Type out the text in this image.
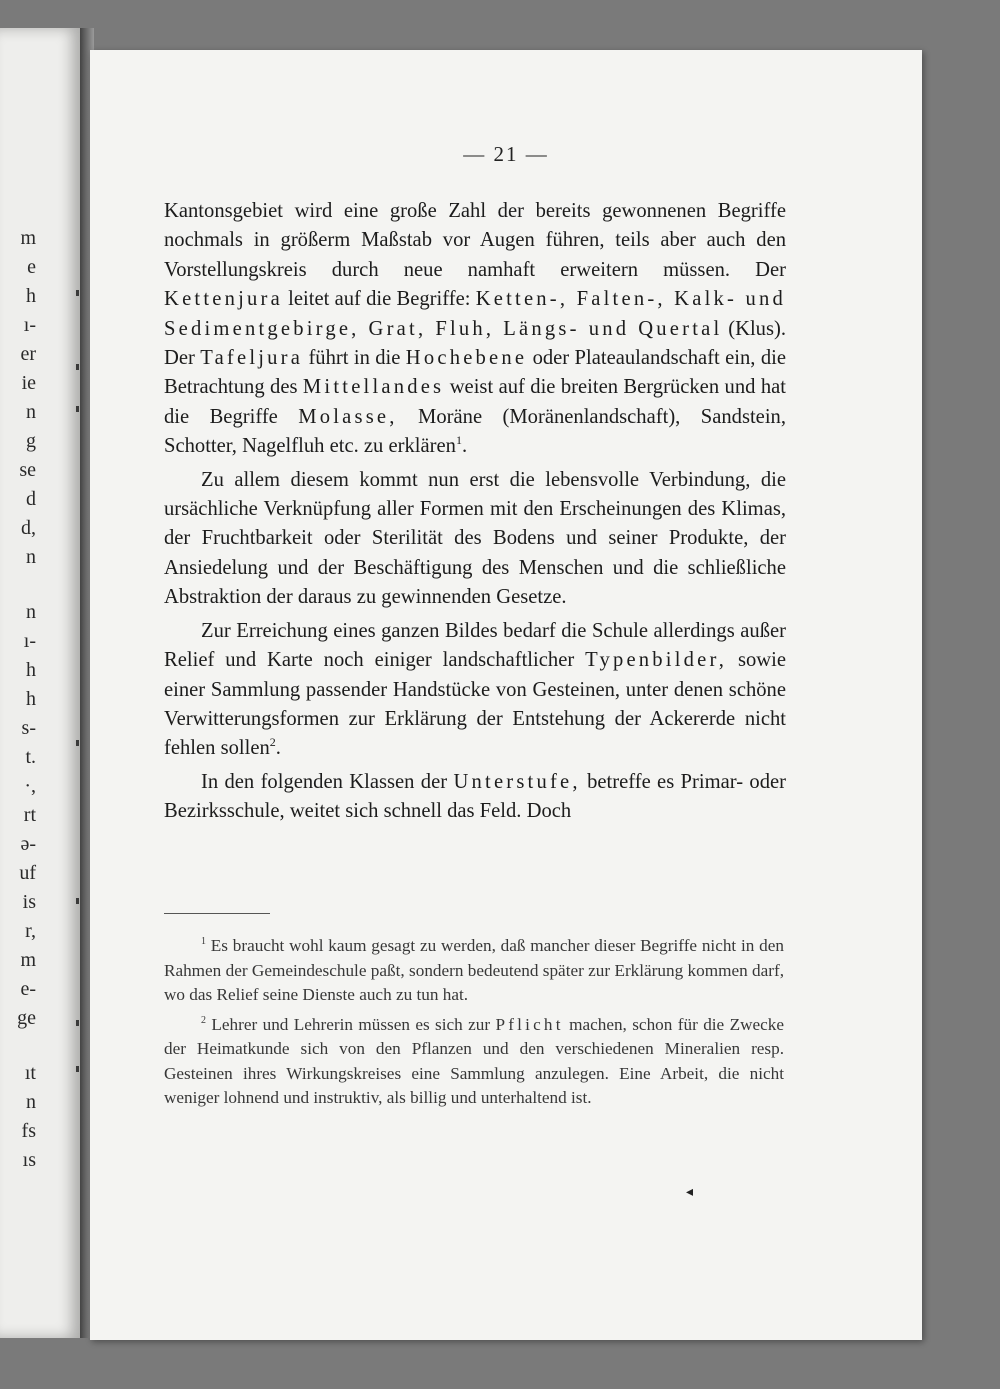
m
e
h
ı-
er
ie
n
g
se
d
d,
n
n
ı-
h
h
s-
t.
·,
rt
ə-
uf
is
r,
m
e-
ge
ıt
n
fs
ıs
— 21 —

Kantonsgebiet wird eine große Zahl der bereits gewonnenen Begriffe nochmals in größerm Maßstab vor Augen führen, teils aber auch den Vorstellungskreis durch neue namhaft erweitern müssen. Der Kettenjura leitet auf die Begriffe: Ketten-, Falten-, Kalk- und Sedimentgebirge, Grat, Fluh, Längs- und Quertal (Klus). Der Tafeljura führt in die Hochebene oder Plateaulandschaft ein, die Betrachtung des Mittellandes weist auf die breiten Bergrücken und hat die Begriffe Molasse, Moräne (Moränenlandschaft), Sandstein, Schotter, Nagelfluh etc. zu erklären$^1$.

Zu allem diesem kommt nun erst die lebensvolle Verbindung, die ursächliche Verknüpfung aller Formen mit den Erscheinungen des Klimas, der Fruchtbarkeit oder Sterilität des Bodens und seiner Produkte, der Ansiedelung und der Beschäftigung des Menschen und die schließliche Abstraktion der daraus zu gewinnenden Gesetze.

Zur Erreichung eines ganzen Bildes bedarf die Schule allerdings außer Relief und Karte noch einiger landschaftlicher Typenbilder, sowie einer Sammlung passender Handstücke von Gesteinen, unter denen schöne Verwitterungsformen zur Erklärung der Entstehung der Ackererde nicht fehlen sollen$^2$.

In den folgenden Klassen der Unterstufe, betreffe es Primar- oder Bezirksschule, weitet sich schnell das Feld. Doch

$^1$ Es braucht wohl kaum gesagt zu werden, daß mancher dieser Begriffe nicht in den Rahmen der Gemeindeschule paßt, sondern bedeutend später zur Erklärung kommen darf, wo das Relief seine Dienste auch zu tun hat.

$^2$ Lehrer und Lehrerin müssen es sich zur Pflicht machen, schon für die Zwecke der Heimatkunde sich von den Pflanzen und den verschiedenen Mineralien resp. Gesteinen ihres Wirkungskreises eine Sammlung anzulegen. Eine Arbeit, die nicht weniger lohnend und instruktiv, als billig und unterhaltend ist.

◂
